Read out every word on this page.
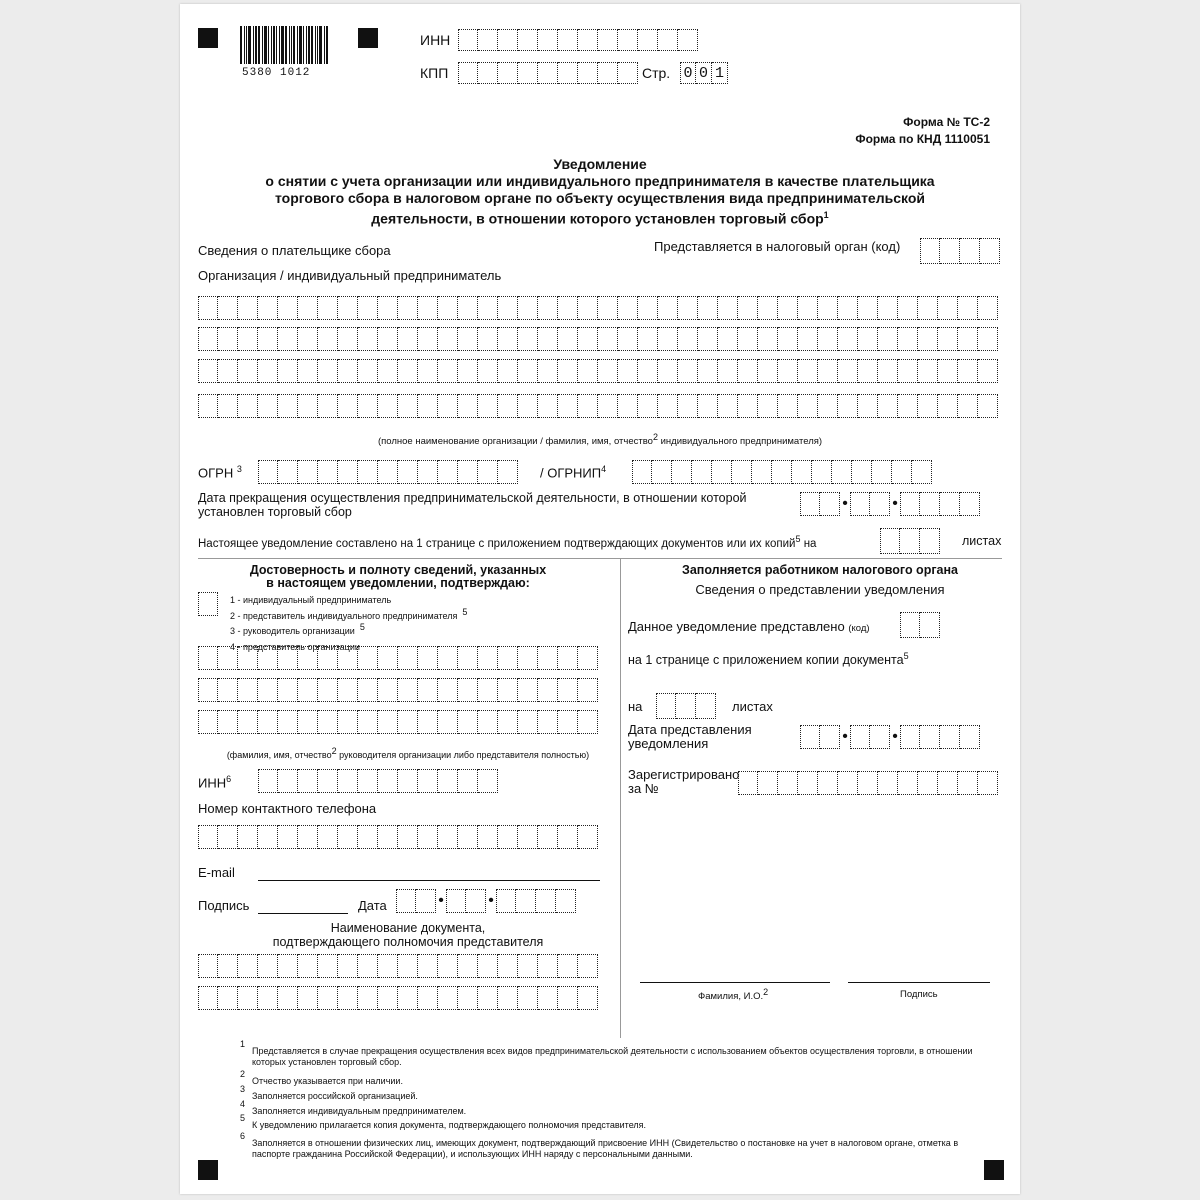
5380 1012
ИНН
КПП	Стр. 0 0 1
Форма № ТС-2
Форма по КНД 1110051
Уведомление
о снятии с учета организации или индивидуального предпринимателя в качестве плательщика
торгового сбора в налоговом органе по объекту осуществления вида предпринимательской
деятельности, в отношении которого установлен торговый сбор$^1$
Сведения о плательщике сбора	Представляется в налоговый орган (код)
Организация / индивидуальный предприниматель
(полное наименование организации / фамилия, имя, отчество2 индивидуального предпринимателя)
ОГРН $^3$	/ ОГРНИП$^4$
Дата прекращения осуществления предпринимательской деятельности, в отношении которой
установлен торговый сбор	•	•
Настоящее уведомление составлено на 1 странице с приложением подтверждающих документов или их копий$^5$ на	листах
Достоверность и полноту сведений, указанных
в настоящем уведомлении, подтверждаю:
1 - индивидуальный предприниматель
2 - представитель индивидуального предпринимателя 5
3 - руководитель организации 5
4 - представитель организации
(фамилия, имя, отчество2 руководителя организации либо представителя полностью)
ИНН$^6$
Номер контактного телефона
E-mail
Подпись	Дата	•	•
Наименование документа,
подтверждающего полномочия представителя
Заполняется работником налогового органа
Сведения о представлении уведомления
Данное уведомление представлено (код)
на 1 странице с приложением копии документа$^5$
на	листах
Дата представления
уведомления	•	•
Зарегистрировано
за №
Фамилия, И.О.2	Подпись
1
Представляется в случае прекращения осуществления всех видов предпринимательской деятельности с использованием объектов осуществления торговли, в отношении которых установлен торговый сбор.
2
Отчество указывается при наличии.
3
Заполняется российской организацией.
4
Заполняется индивидуальным предпринимателем.
5
К уведомлению прилагается копия документа, подтверждающего полномочия представителя.
6
Заполняется в отношении физических лиц, имеющих документ, подтверждающий присвоение ИНН (Свидетельство о постановке на учет в налоговом органе, отметка в паспорте гражданина Российской Федерации), и использующих ИНН наряду с персональными данными.
